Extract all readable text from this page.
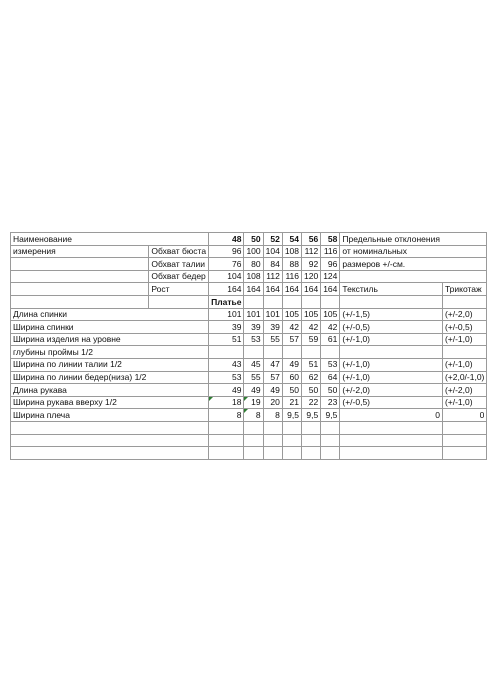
Наименование		48	50	52	54	56	58	Предельные отклонения	
измерения	Обхват бюста	96	100	104	108	112	116	от номинальных	
	Обхват талии	76	80	84	88	92	96	размеров +/-см.	
	Обхват бедер	104	108	112	116	120	124		
	Рост	164	164	164	164	164	164	Текстиль	Трикотаж
		Платье							
Длина спинки		101	101	101	105	105	105	(+/-1,5)	(+/-2,0)
Ширина спинки		39	39	39	42	42	42	(+/-0,5)	(+/-0,5)
Ширина изделия на уровне		51	53	55	57	59	61	(+/-1,0)	(+/-1,0)
глубины проймы 1/2									
Ширина по линии талии 1/2		43	45	47	49	51	53	(+/-1,0)	(+/-1,0)
Ширина по линии бедер(низа) 1/2		53	55	57	60	62	64	(+/-1,0)	(+2,0/-1,0)
Длина рукава		49	49	49	50	50	50	(+/-2,0)	(+/-2,0)
Ширина рукава вверху 1/2		18	19	20	21	22	23	(+/-0,5)	(+/-1,0)
Ширина плеча		8	8	8	9,5	9,5	9,5	0	0
